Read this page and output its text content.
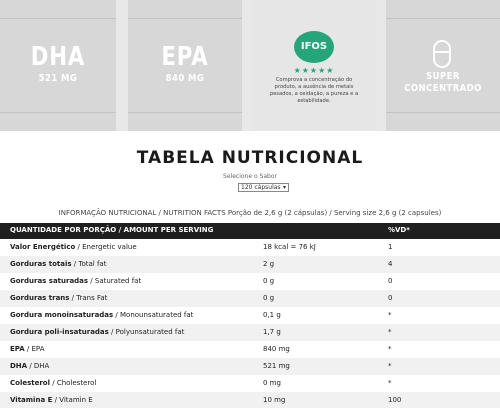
DHA
521 MG
EPA
840 MG
IFOS
★★★★★
Comprova a concentração do produto, a ausência de metais pesados, a oxidação, a pureza e a estabilidade.
SUPER
CONCENTRADO
TABELA NUTRICIONAL
Selecione o Sabor
120 cápsulas ▾
INFORMAÇÃO NUTRICIONAL / NUTRITION FACTS Porção de 2,6 g (2 cápsulas) / Serving size 2,6 g (2 capsules)
QUANTIDADE POR PORÇÃO / AMOUNT PER SERVING	%VD*
Valor Energético / Energetic value	18 kcal = 76 kJ	1
Gorduras totais / Total fat	2 g	4
Gorduras saturadas / Saturated fat	0 g	0
Gorduras trans / Trans Fat	0 g	0
Gordura monoinsaturadas / Monounsaturated fat	0,1 g	*
Gordura poli-insaturadas / Polyunsaturated fat	1,7 g	*
EPA / EPA	840 mg	*
DHA / DHA	521 mg	*
Colesterol / Cholesterol	0 mg	*
Vitamina E / Vitamin E	10 mg	100
